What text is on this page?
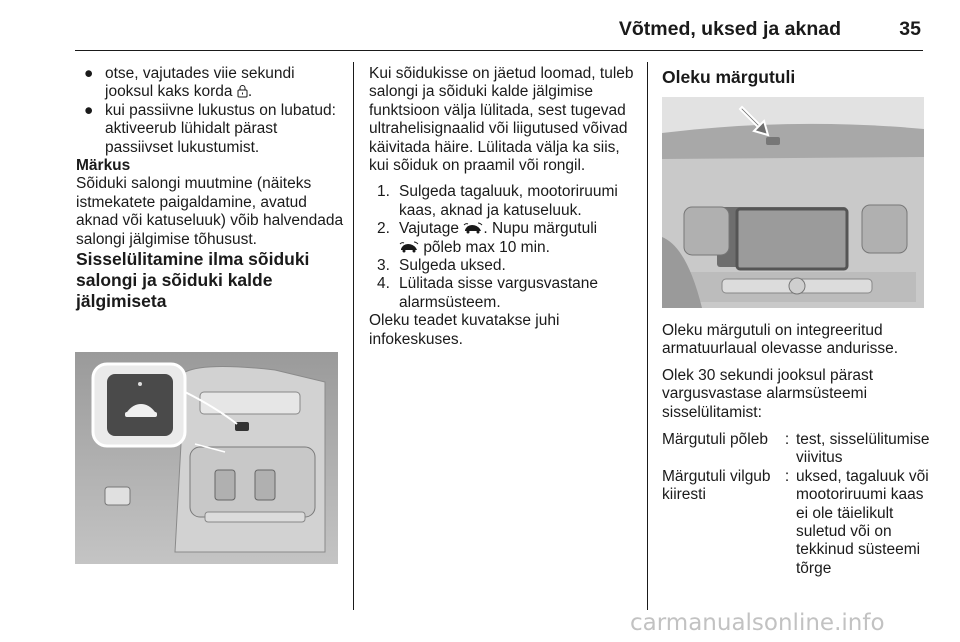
Võtmed, uksed ja aknad	35

● otse, vajutades viie sekundi jooksul kaks korda .

● kui passiivne lukustus on lubatud: aktiveerub lühidalt pärast passiivset lukustumist.

Märkus

Sõiduki salongi muutmine (näiteks istmekatete paigaldamine, avatud aknad või katuseluuk) võib halvendada salongi jälgimise tõhusust.

Sisselülitamine ilma sõiduki salongi ja sõiduki kalde jälgimiseta

Kui sõidukisse on jäetud loomad, tuleb salongi ja sõiduki kalde jälgimise funktsioon välja lülitada, sest tugevad ultrahelisignaalid või liigutused võivad käivitada häire. Lülitada välja ka siis, kui sõiduk on praamil või rongil.

1. Sulgeda tagaluuk, mootoriruumi kaas, aknad ja katuseluuk.

2. Vajutage . Nupu märgutuli

põleb max 10 min.

3. Sulgeda uksed.

4. Lülitada sisse vargusvastane alarmsüsteem.

Oleku teadet kuvatakse juhi infokeskuses.

Oleku märgutuli

Oleku märgutuli on integreeritud armatuurlaual olevasse andurisse.

Olek 30 sekundi jooksul pärast vargusvastase alarmsüsteemi sisselülitamist:

Märgutuli põleb	:	test, sisselülitumise viivitus
Märgutuli vilgub kiiresti	:	uksed, tagaluuk või mootoriruumi kaas ei ole täielikult suletud või on tekkinud süsteemi tõrge
carmanualsonline.info
